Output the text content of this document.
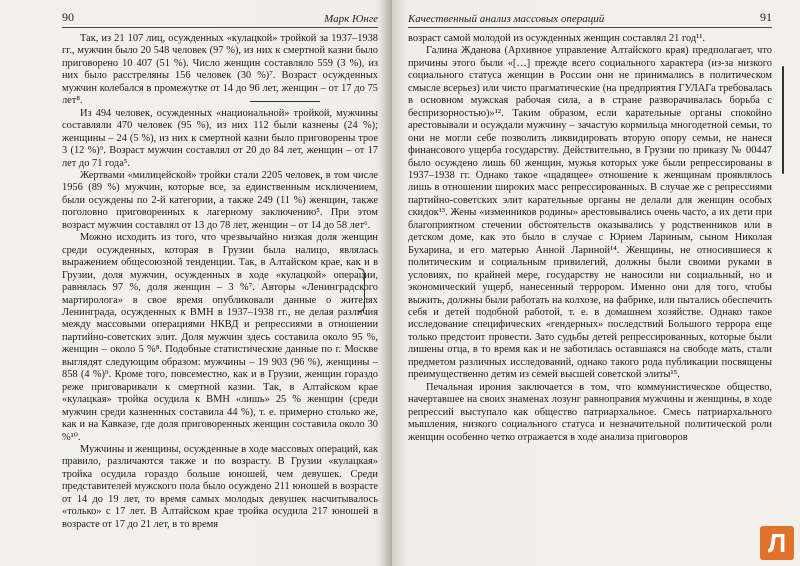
90	Марк Юнге

Так, из 21 107 лиц, осужденных «кулацкой» тройкой за 1937–1938 гг., мужчин было 20 548 человек (97 %), из них к смертной казни было приговорено 10 407 (51 %). Число женщин составляло 559 (3 %), из них было расстреляны 156 человек (30 %)⁷. Возраст осужденных мужчин колебался в промежутке от 14 до 96 лет, женщин – от 17 до 75 лет⁸.

Из 494 человек, осужденных «национальной» тройкой, мужчины составляли 470 человек (95 %), из них 112 были казнены (24 %); женщины – 24 (5 %), из них к смертной казни было приговорены трое 3 (12 %)⁹. Возраст мужчин составлял от 20 до 84 лет, женщин – от 17 лет до 71 года⁵.

Жертвами «милицейской» тройки стали 2205 человек, в том числе 1956 (89 %) мужчин, которые все, за единственным исключением, были осуждены по 2-й категории, а также 249 (11 %) женщин, также поголовно приговоренных к лагерному заключению⁵. При этом возраст мужчин составлял от 13 до 78 лет, женщин – от 14 до 58 лет⁶.

Можно исходить из того, что чрезвычайно низкая доля женщин среди осужденных, которая в Грузии была налицо, являлась выражением общесоюзной тенденции. Так, в Алтайском крае, как и в Грузии, доля мужчин, осужденных в ходе «кулацкой» операции, равнялась 97 %, доля женщин – 3 %⁷. Авторы «Ленинградского мартиролога» в свое время опубликовали данные о жителях Ленинграда, осужденных к ВМН в 1937–1938 гг., не делая различия между массовыми операциями НКВД и репрессиями в отношении партийно-советских элит. Доля мужчин здесь составила около 95 %, женщин – около 5 %⁸. Подобные статистические данные по г. Москве выглядят следующим образом: мужчины – 19 903 (96 %), женщины – 858 (4 %)⁹. Кроме того, повсеместно, как и в Грузии, женщин гораздо реже приговаривали к смертной казни. Так, в Алтайском крае «кулацкая» тройка осудила к ВМН «лишь» 25 % женщин (среди мужчин среди казненных составила 44 %), т. е. примерно столько же, как и на Кавказе, где доля приговоренных женщин составила около 30 %¹⁰.

Мужчины и женщины, осужденные в ходе массовых операций, как правило, различаются также и по возрасту. В Грузии «кулацкая» тройка осудила гораздо больше юношей, чем девушек. Среди представителей мужского пола было осуждено 211 юношей в возрасте от 14 до 19 лет, то время самых молодых девушек насчитывалось «только» с 17 лет. В Алтайском крае тройка осудила 217 юношей в возрасте от 17 до 21 лет, в то время

Качественный анализ массовых операций	91

возраст самой молодой из осужденных женщин составлял 21 год¹¹.

Галина Жданова (Архивное управление Алтайского края) предполагает, что причины этого были «[…] прежде всего социального характера (из-за низкого социального статуса женщин в России они не принимались в политическом смысле всерьез) или чисто прагматические (на предприятия ГУЛАГа требовалась в основном мужская рабочая сила, а в стране разворачивалась борьба с беспризорностью)»¹². Таким образом, если карательные органы спокойно арестовывали и осуждали мужчину – зачастую кормильца многодетной семьи, то они не могли себе позволить ликвидировать вторую опору семьи, не нанеся финансового ущерба государству. Действительно, в Грузии по приказу № 00447 было осуждено лишь 60 женщин, мужья которых уже были репрессированы в 1937–1938 гг. Однако такое «щадящее» отношение к женщинам проявлялось лишь в отношении широких масс репрессированных. В случае же с репрессиями партийно-советских элит карательные органы не делали для женщин особых скидок¹³. Жены «изменников родины» арестовывались очень часто, а их дети при благоприятном стечении обстоятельств оказывались у родственников или в детском доме, как это было в случае с Юрием Лариным, сыном Николая Бухарина, и его матерью Анной Лариной¹⁴. Женщины, не относившиеся к политическим и социальным привилегий, должны были своими руками в условиях, по крайней мере, государству не наносили ни социальный, но и экономический ущерб, нанесенный террором. Именно они для того, чтобы выжить, должны были работать на колхозе, на фабрике, или пытались обеспечить себя и детей подобной работой, т. е. в домашнем хозяйстве. Однако такое исследование специфических «гендерных» последствий Большого террора еще только предстоит провести. Зато судьбы детей репрессированных, которые были лишены отца, в то время как и не заботилась оставшаяся на свободе мать, стали предметом различных исследований, однако такого рода публикации посвящены преимущественно детям из семей высшей советской элиты¹⁵.

Печальная ирония заключается в том, что коммунистическое общество, начертавшее на своих знаменах лозунг равноправия мужчины и женщины, в ходе репрессий выступало как общество патриархальное. Смесь патриархального мышления, низкого социального статуса и незначительной политической роли женщин особенно четко отражается в ходе анализа приговоров

Л
